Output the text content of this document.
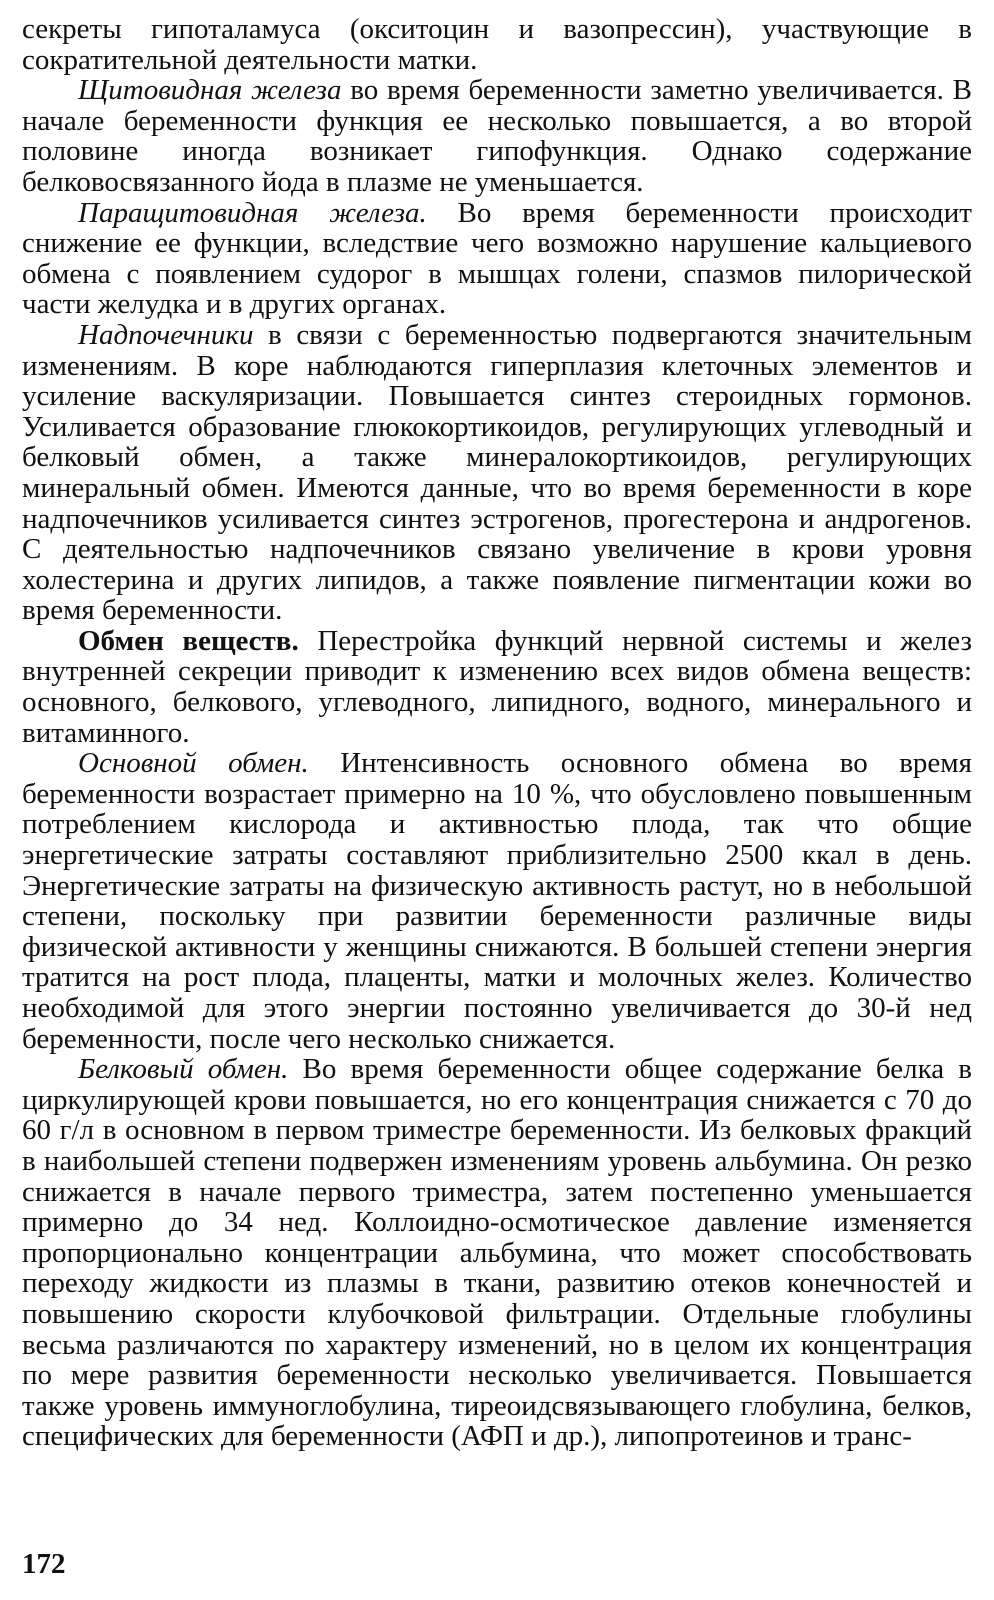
секреты гипоталамуса (окситоцин и вазопрессин), участвующие в сократительной деятельности матки.

Щитовидная железа во время беременности заметно увеличивается. В начале беременности функция ее несколько повышается, а во второй половине иногда возникает гипофункция. Однако содержание белковосвязанного йода в плазме не уменьшается.

Паращитовидная железа. Во время беременности происходит снижение ее функции, вследствие чего возможно нарушение кальциевого обмена с появлением судорог в мышцах голени, спазмов пилорической части желудка и в других органах.

Надпочечники в связи с беременностью подвергаются значительным изменениям. В коре наблюдаются гиперплазия клеточных элементов и усиление васкуляризации. Повышается синтез стероидных гормонов. Усиливается образование глюкокортикоидов, регулирующих углеводный и белковый обмен, а также минералокортикоидов, регулирующих минеральный обмен. Имеются данные, что во время беременности в коре надпочечников усиливается синтез эстрогенов, прогестерона и андрогенов. С деятельностью надпочечников связано увеличение в крови уровня холестерина и других липидов, а также появление пигментации кожи во время беременности.

Обмен веществ. Перестройка функций нервной системы и желез внутренней секреции приводит к изменению всех видов обмена веществ: основного, белкового, углеводного, липидного, водного, минерального и витаминного.

Основной обмен. Интенсивность основного обмена во время беременности возрастает примерно на 10 %, что обусловлено повышенным потреблением кислорода и активностью плода, так что общие энергетические затраты составляют приблизительно 2500 ккал в день. Энергетические затраты на физическую активность растут, но в небольшой степени, поскольку при развитии беременности различные виды физической активности у женщины снижаются. В большей степени энергия тратится на рост плода, плаценты, матки и молочных желез. Количество необходимой для этого энергии постоянно увеличивается до 30-й нед беременности, после чего несколько снижается.

Белковый обмен. Во время беременности общее содержание белка в циркулирующей крови повышается, но его концентрация снижается с 70 до 60 г/л в основном в первом триместре беременности. Из белковых фракций в наибольшей степени подвержен изменениям уровень альбумина. Он резко снижается в начале первого триместра, затем постепенно уменьшается примерно до 34 нед. Коллоидно-осмотическое давление изменяется пропорционально концентрации альбумина, что может способствовать переходу жидкости из плазмы в ткани, развитию отеков конечностей и повышению скорости клубочковой фильтрации. Отдельные глобулины весьма различаются по характеру изменений, но в целом их концентрация по мере развития беременности несколько увеличивается. Повышается также уровень иммуноглобулина, тиреоидсвязывающего глобулина, белков, специфических для беременности (АФП и др.), липопротеинов и транс-

172
